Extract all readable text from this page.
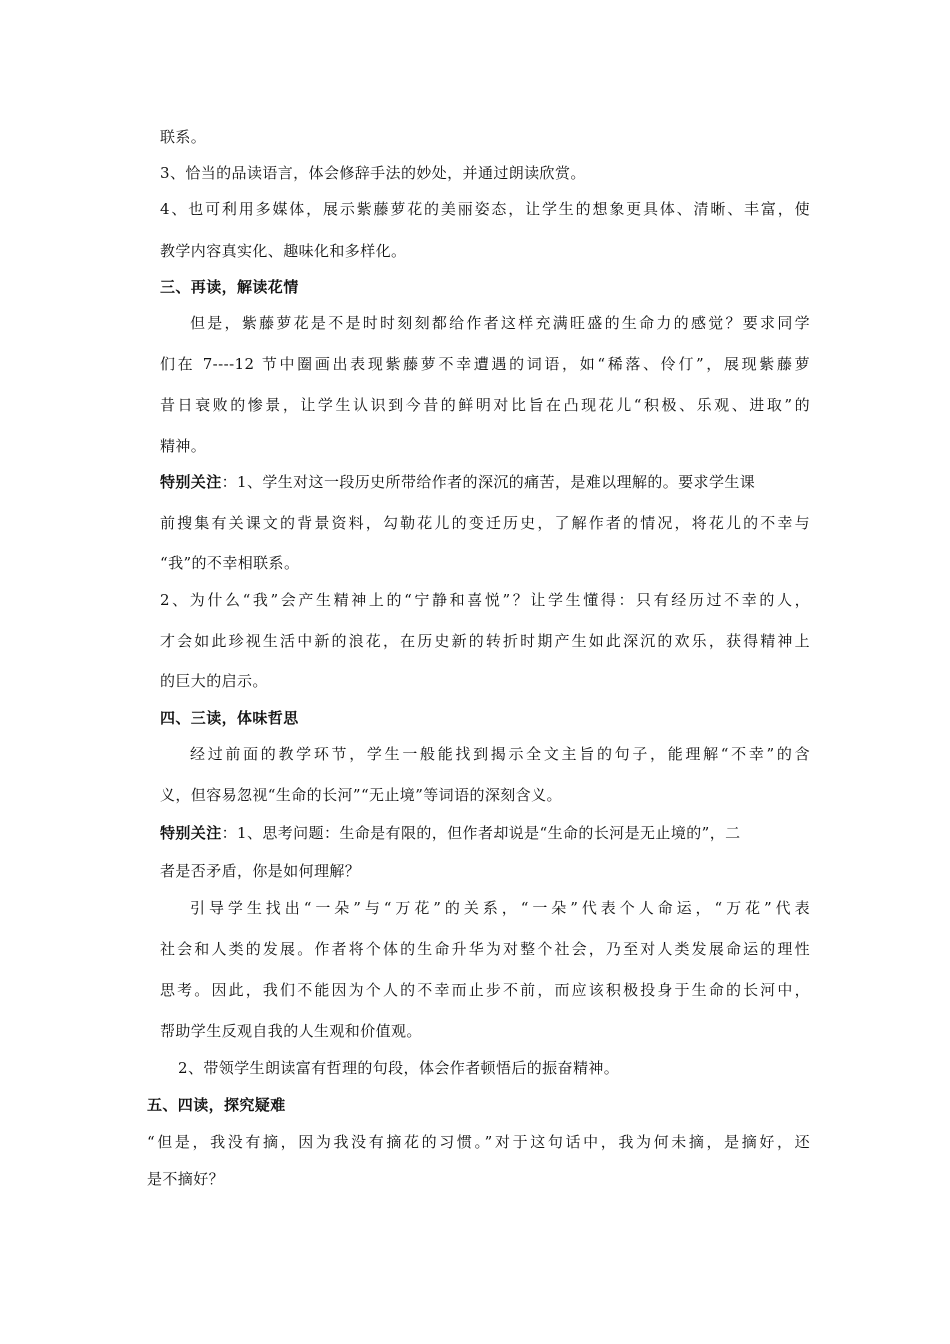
联系。
3、恰当的品读语言，体会修辞手法的妙处，并通过朗读欣赏。
4、也可利用多媒体，展示紫藤萝花的美丽姿态，让学生的想象更具体、清晰、丰富，使
教学内容真实化、趣味化和多样化。
三、再读，解读花情
但是，紫藤萝花是不是时时刻刻都给作者这样充满旺盛的生命力的感觉？要求同学
们在 7----12 节中圈画出表现紫藤萝不幸遭遇的词语，如“稀落、伶仃”，展现紫藤萝
昔日衰败的惨景，让学生认识到今昔的鲜明对比旨在凸现花儿“积极、乐观、进取”的
精神。
特别关注：1、学生对这一段历史所带给作者的深沉的痛苦，是难以理解的。要求学生课
前搜集有关课文的背景资料，勾勒花儿的变迁历史，了解作者的情况，将花儿的不幸与
“我”的不幸相联系。
2、为什么“我”会产生精神上的“宁静和喜悦”？让学生懂得：只有经历过不幸的人，
才会如此珍视生活中新的浪花，在历史新的转折时期产生如此深沉的欢乐，获得精神上
的巨大的启示。
四、三读，体味哲思
经过前面的教学环节，学生一般能找到揭示全文主旨的句子，能理解“不幸”的含
义，但容易忽视“生命的长河”“无止境”等词语的深刻含义。
特别关注：1、思考问题：生命是有限的，但作者却说是“生命的长河是无止境的”，二
者是否矛盾，你是如何理解？
引导学生找出“一朵”与“万花”的关系，“一朵”代表个人命运，“万花”代表
社会和人类的发展。作者将个体的生命升华为对整个社会，乃至对人类发展命运的理性
思考。因此，我们不能因为个人的不幸而止步不前，而应该积极投身于生命的长河中，
帮助学生反观自我的人生观和价值观。
2、带领学生朗读富有哲理的句段，体会作者顿悟后的振奋精神。
五、四读，探究疑难
“但是，我没有摘，因为我没有摘花的习惯。”对于这句话中，我为何未摘，是摘好，还
是不摘好？
